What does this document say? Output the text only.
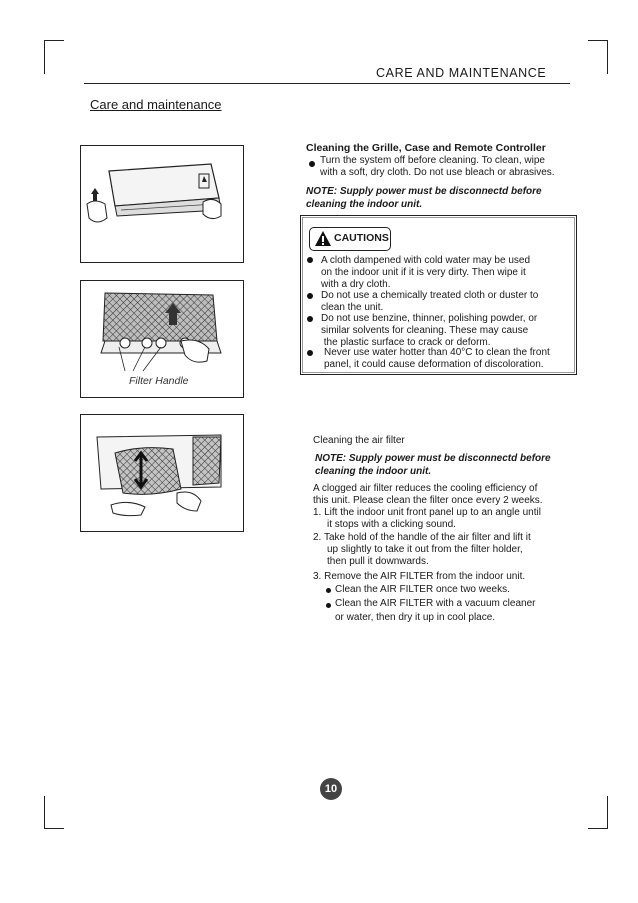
CARE AND MAINTENANCE
Care and maintenance
Filter Handle
Cleaning the Grille, Case and Remote Controller
Turn the system off before cleaning. To clean, wipe
with a soft, dry cloth. Do not use bleach or abrasives.
NOTE: Supply power must be disconnectd before
cleaning the indoor unit.
CAUTIONS
A cloth dampened with cold water may be used
on the indoor unit if it is very dirty. Then wipe it
with a dry cloth.
Do not use a chemically treated cloth or duster to
clean the unit.
Do not use benzine, thinner, polishing powder, or
similar solvents for cleaning. These may cause
the plastic surface to crack or deform.
Never use water hotter than 40°C to clean the front
panel, it could cause deformation of discoloration.
Cleaning the air filter
NOTE: Supply power must be disconnectd before
cleaning the indoor unit.
A clogged air filter reduces the cooling efficiency of
this unit. Please clean the filter once every 2 weeks.
1. Lift the indoor unit front panel up to an angle until
it stops with a clicking sound.
2. Take hold of the handle of the air filter and lift it
up slightly to take it out from the filter holder,
then pull it downwards.
3. Remove the AIR FILTER from the indoor unit.
Clean the AIR FILTER once two weeks.
Clean the AIR FILTER with a vacuum cleaner
or water, then dry it up in cool place.
10
